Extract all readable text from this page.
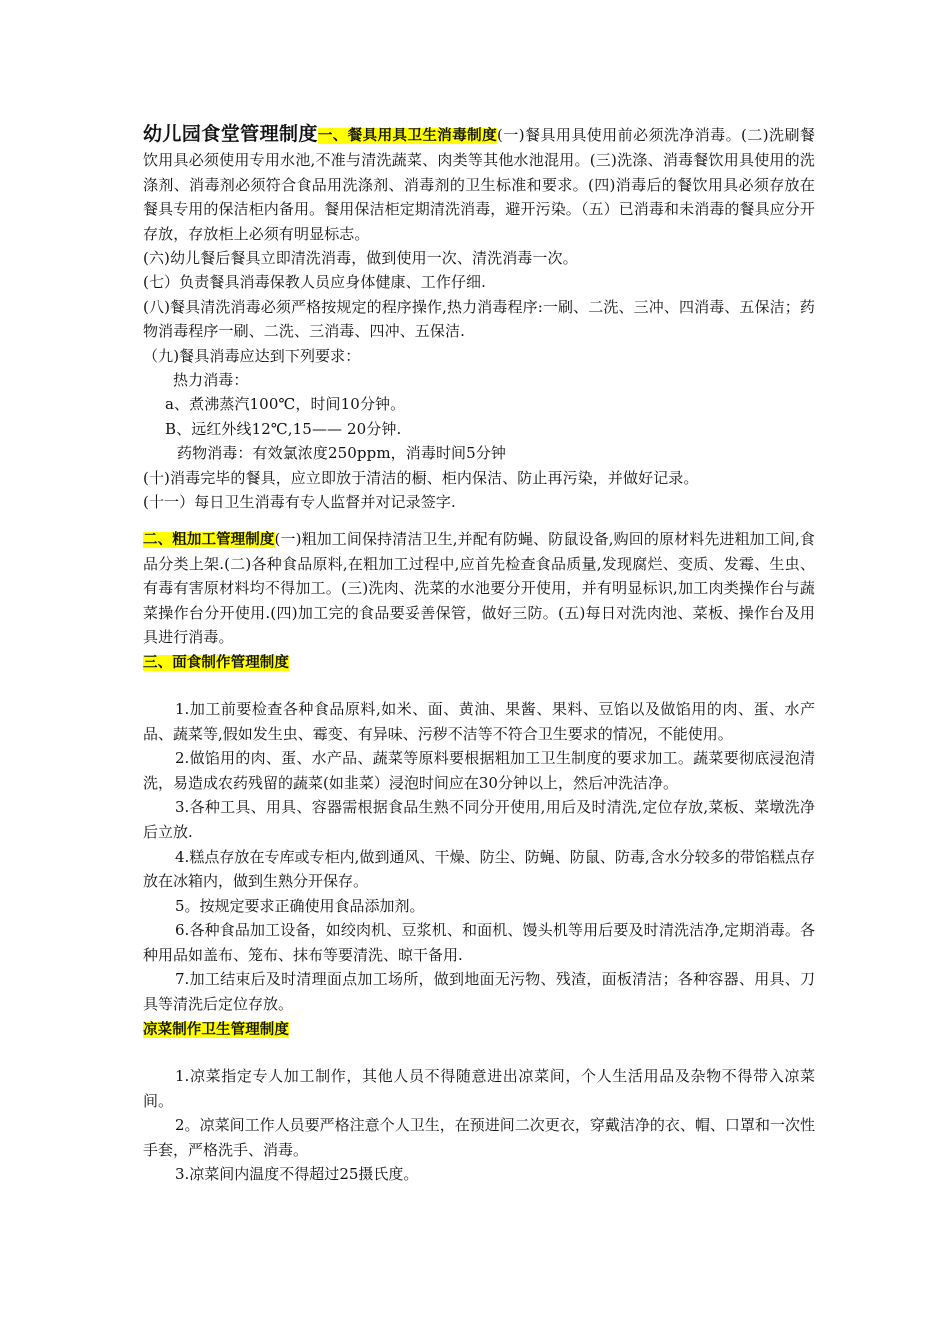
幼儿园食堂管理制度一、餐具用具卫生消毒制度(一)餐具用具使用前必须洗净消毒。(二)洗刷餐饮用具必须使用专用水池,不准与清洗蔬菜、肉类等其他水池混用。(三)洗涤、消毒餐饮用具使用的洗涤剂、消毒剂必须符合食品用洗涤剂、消毒剂的卫生标准和要求。(四)消毒后的餐饮用具必须存放在餐具专用的保洁柜内备用。餐用保洁柜定期清洗消毒，避开污染。（五）已消毒和未消毒的餐具应分开存放，存放柜上必须有明显标志。
(六)幼儿餐后餐具立即清洗消毒，做到使用一次、清洗消毒一次。
(七）负责餐具消毒保教人员应身体健康、工作仔细.
(八)餐具清洗消毒必须严格按规定的程序操作,热力消毒程序:一刷、二洗、三冲、四消毒、五保洁；药物消毒程序一刷、二洗、三消毒、四冲、五保洁.
（九)餐具消毒应达到下列要求：
热力消毒：
a、煮沸蒸汽100℃，时间10分钟。
B、远红外线12℃,15—— 20分钟.
药物消毒：有效氯浓度250ppm，消毒时间5分钟
(十)消毒完毕的餐具，应立即放于清洁的橱、柜内保洁、防止再污染，并做好记录。
(十一）每日卫生消毒有专人监督并对记录签字.
二、粗加工管理制度(一)粗加工间保持清洁卫生,并配有防蝇、防鼠设备,购回的原材料先进粗加工间,食品分类上架.(二)各种食品原料,在粗加工过程中,应首先检查食品质量,发现腐烂、变质、发霉、生虫、有毒有害原材料均不得加工。(三)洗肉、洗菜的水池要分开使用，并有明显标识,加工肉类操作台与蔬菜操作台分开使用.(四)加工完的食品要妥善保管，做好三防。(五)每日对洗肉池、菜板、操作台及用具进行消毒。
三、面食制作管理制度
1.加工前要检查各种食品原料,如米、面、黄油、果酱、果料、豆馅以及做馅用的肉、蛋、水产品、蔬菜等,假如发生虫、霉变、有异味、污秽不洁等不符合卫生要求的情况，不能使用。
2.做馅用的肉、蛋、水产品、蔬菜等原料要根据粗加工卫生制度的要求加工。蔬菜要彻底浸泡清洗，易造成农药残留的蔬菜(如韭菜）浸泡时间应在30分钟以上，然后冲洗洁净。
3.各种工具、用具、容器需根据食品生熟不同分开使用,用后及时清洗,定位存放,菜板、菜墩洗净后立放.
4.糕点存放在专库或专柜内,做到通风、干燥、防尘、防蝇、防鼠、防毒,含水分较多的带馅糕点存放在冰箱内，做到生熟分开保存。
5。按规定要求正确使用食品添加剂。
6.各种食品加工设备，如绞肉机、豆浆机、和面机、馒头机等用后要及时清洗洁净,定期消毒。各种用品如盖布、笼布、抹布等要清洗、晾干备用.
7.加工结束后及时清理面点加工场所，做到地面无污物、残渣，面板清洁；各种容器、用具、刀具等清洗后定位存放。
凉菜制作卫生管理制度
1.凉菜指定专人加工制作，其他人员不得随意进出凉菜间，个人生活用品及杂物不得带入凉菜间。
2。凉菜间工作人员要严格注意个人卫生，在预进间二次更衣，穿戴洁净的衣、帽、口罩和一次性手套，严格洗手、消毒。
3.凉菜间内温度不得超过25摄氏度。
